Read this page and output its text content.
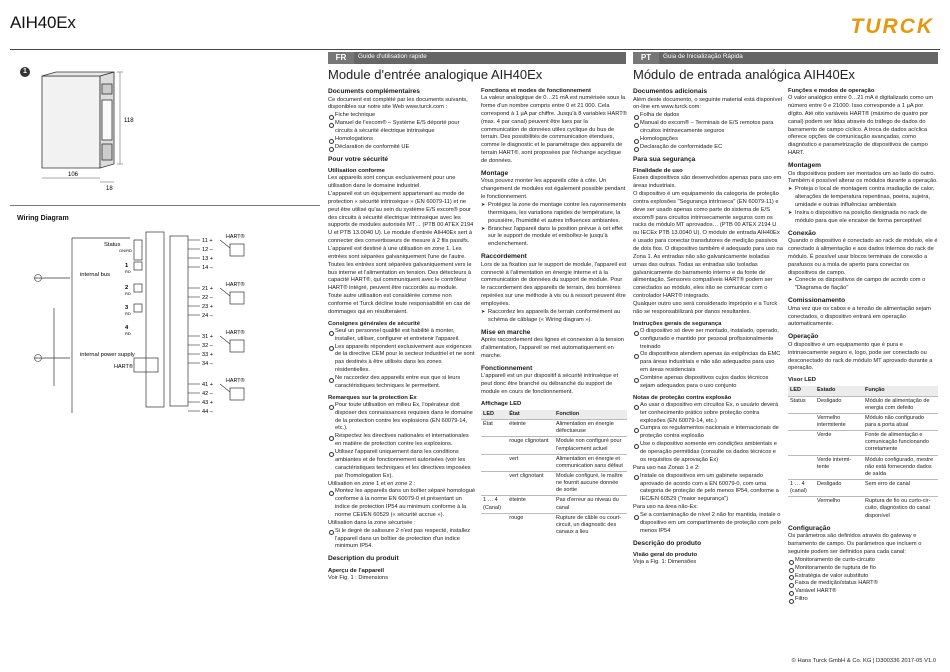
AIH40Ex	TURCK
1
118
106
18
Wiring Diagram
Status
GN/RD
1
RD
2
RD
3
RD
4
RD
internal bus
internal power supply
HART®
11 +
12 –
13 +
14 –
21 +
22 –
23 +
24 –
31 +
32 –
33 +
34 –
41 +
42 –
43 +
44 –
HART®
HART®
HART®
HART®
FR	Guide d'utilisation rapide
Module d'entrée analogique AIH40Ex
Documents complémentaires

Ce document est complété par les documents suivants, disponibles sur notre site Web www.turck.com :

Fiche technique

Manuel de l'excom® – Système E/S déporté pour circuits à sécurité électrique intrinsèque

Homologations

Déclaration de conformité UE

Pour votre sécurité
Utilisation conforme

Les appareils sont conçus exclusivement pour une utilisation dans le domaine industriel.

L'appareil est un équipement appartenant au mode de protection « sécurité intrinsèque » (EN 60079-11) et ne peut être utilisé qu'au sein du système E/S excom® pour des circuits à sécurité électrique intrinsèque avec les supports de modules autorisés MT… (PTB 00 ATEX 2194 U et PTB 13.0040 U). Le module d'entrée AIH40Ex sert à connecter des convertisseurs de mesure à 2 fils passifs. L'appareil est destiné à une utilisation en zone 1. Les entrées sont séparées galvaniquement l'une de l'autre. Toutes les entrées sont séparées galvaniquement vers le bus interne et l'alimentation en tension. Des détecteurs à capacité HART®, qui communiquent avec le contrôleur HART® intégré, peuvent être raccordés au module.

Toute autre utilisation est considérée comme non conforme et Turck décline toute responsabilité en cas de dommages qui en résulteraient.

Consignes générales de sécurité

Seul un personnel qualifié est habilité à monter, installer, utiliser, configurer et entretenir l'appareil.

Les appareils répondent exclusivement aux exigences de la directive CEM pour le secteur industriel et ne sont pas destinés à être utilisés dans les zones résidentielles.

Ne raccordez des appareils entre eux que si leurs caractéristiques techniques le permettent.

Remarques sur la protection Ex

Pour toute utilisation en milieu Ex, l'opérateur doit disposer des connaissances requises dans le domaine de la protection contre les explosions (EN 60079-14, etc.).

Respectez les directives nationales et internationales en matière de protection contre les explosions.

Utilisez l'appareil uniquement dans les conditions ambiantes et de fonctionnement autorisées (voir les caractéristiques techniques et les directives imposées par l'homologation Ex).

Utilisation en zone 1 et en zone 2 :

Montez les appareils dans un boîtier séparé homologué conforme à la norme EN 60079-0 et présentant un indice de protection IP54 au minimum conforme à la norme CEI/EN 60529 (« sécurité accrue »).

Utilisation dans la zone sécurisée :

Si le degré de salissure 2 n'est pas respecté, installez l'appareil dans un boîtier de protection d'un indice minimum IP54.

Description du produit
Aperçu de l'appareil

Voir Fig. 1 : Dimensions

Fonctions et modes de fonctionnement

La valeur analogique de 0…21 mA est numérisée sous la forme d'un nombre compris entre 0 et 21 000. Cela correspond à 1 µA par chiffre. Jusqu'à 8 variables HART® (max. 4 par canal) peuvent être lues par la communication de données utiles cyclique du bus de terrain. Des possibilités de communication étendues, comme le diagnostic et le paramétrage des appareils de terrain HART®, sont proposées par l'échange acyclique de données.

Montage

Vous pouvez monter les appareils côte à côte. Un changement de modules est également possible pendant le fonctionnement.

➤ Protégez la zone de montage contre les rayonnements thermiques, les variations rapides de température, la poussière, l'humidité et autres influences ambiantes.

➤ Branchez l'appareil dans la position prévue à cet effet sur le support de module et emboîtez-le jusqu'à enclenchement.

Raccordement

Lors de sa fixation sur le support de module, l'appareil est connecté à l'alimentation en énergie interne et à la communication de données du support de module. Pour le raccordement des appareils de terrain, des bornières repérées sur une méthode à vis ou à ressort peuvent être employées.

➤ Raccordez les appareils de terrain conformément au schéma de câblage (« Wiring diagram »).

Mise en marche

Après raccordement des lignes et connexion à la tension d'alimentation, l'appareil se met automatiquement en marche.

Fonctionnement

L'appareil est un pur dispositif à sécurité intrinsèque et peut donc être branché ou débranché du support de module en cours de fonctionnement.

Affichage LED
LED	État	Fonction
État	éteinte	Alimentation en énergie défectueuse
	rouge clignotant	Module non configuré pour l'emplacement actuel
	vert	Alimentation en énergie et communication sans défaut
	vert clignotant	Module configuré, le maître ne fournit aucune donnée de sortie
1 … 4 (Canal)	éteinte	Pas d'erreur au niveau du canal
	rouge	Rupture de câble ou court-circuit, un diagnostic des canaux a lieu
PT	Guia de Inicialização Rápida
Módulo de entrada analógica AIH40Ex
Documentos adicionais

Além deste documento, o seguinte material está disponível on-line em www.turck.com:

Folha de dados

Manual do excom® – Terminais de E/S remotos para circuitos intrinsecamente seguros

Homologações

Declaração de conformidade EC

Para sua segurança
Finalidade de uso

Esses dispositivos são desenvolvidos apenas para uso em áreas industriais.

O dispositivo é um equipamento da categoria de proteção contra explosões "Segurança intrínseca" (EN 60079-11) e deve ser usado apenas como parte do sistema de E/S excom® para circuitos intrinsecamente seguros com os racks de módulo MT aprovados… (PTB 00 ATEX 2194 U ou IECEx PTB 13.0040 U). O módulo de entrada AIH40Ex é usado para conectar transdutores de medição passivos de dois fios. O dispositivo também é adequado para uso na Zona 1. As entradas não são galvanicamente isoladas umas das outras. Todas as entradas são isoladas galvanicamente do barramento interno e da fonte de alimentação. Sensores compatíveis HART® podem ser conectados ao módulo, eles irão se comunicar com o controlador HART® integrado.

Qualquer outro uso será considerado impróprio e a Turck não se responsabilizará por danos resultantes.

Instruções gerais de segurança

O dispositivo só deve ser montado, instalado, operado, configurado e mantido por pessoal profissionalmente treinado

Os dispositivos atendem apenas às exigências da EMC para áreas industriais e não são adequados para uso em áreas residenciais

Combine apenas dispositivos cujos dados técnicos sejam adequados para o uso conjunto

Notas de proteção contra explosão

Ao usar o dispositivo em circuitos Ex, o usuário deverá ter conhecimento prático sobre proteção contra explosões (EN 60079-14, etc.)

Cumpra os regulamentos nacionais e internacionais de proteção contra explosão

Use o dispositivo somente em condições ambientais e de operação permitidas (consulte os dados técnicos e os requisitos de aprovação Ex)

Para uso nas Zonas 1 e 2:

Instale os dispositivos em um gabinete separado aprovado de acordo com a EN 60079-0, com uma categoria de proteção de pelo menos IP54, conforme a IEC/EN 60529 ("maior segurança")

Para uso na área não-Ex:

Se a contaminação de nível 2 não for mantida, instale o dispositivo em um compartimento de proteção com pelo menos IP54

Descrição do produto
Visão geral do produto

Veja a Fig. 1: Dimensões

Funções e modos de operação

O valor analógico entre 0…21 mA é digitalizado como um número entre 0 e 21000. Isso corresponde a 1 µA por dígito. Até oito variáveis HART® (máximo de quatro por canal) podem ser lidas através do tráfego de dados do barramento de campo cíclico. A troca de dados acíclica oferece opções de comunicação avançadas, como diagnóstico e parametrização de dispositivos de campo HART.

Montagem

Os dispositivos podem ser montados um ao lado do outro. Também é possível alterar os módulos durante a operação.

➤ Proteja o local de montagem contra irradiação de calor, alterações de temperatura repentinas, poeira, sujeira, umidade e outras influências ambientais

➤ Insira o dispositivo na posição designada no rack de módulo para que ele encaixe de forma perceptível

Conexão

Quando o dispositivo é conectado ao rack de módulo, ele é conectado à alimentação e aos dados internos do rack de módulo. É possível usar blocos terminais de conexão a parafusos ou a mola de aperto para conectar os dispositivos de campo.

➤ Conecte os dispositivos de campo de acordo com o "Diagrama de fiação"

Comissionamento

Uma vez que os cabos e a tensão de alimentação sejam conectados, o dispositivo entrará em operação automaticamente.

Operação

O dispositivo é um equipamento que é pura e intrinsecamente seguro e, logo, pode ser conectado ou desconectado do rack de módulo MT aprovado durante a operação.

Visor LED
LED	Estado	Função
Status	Desligado	Módulo de alimentação de energia com defeito
	Vermelho intermitente	Módulo não configurado para a porta atual
	Verde	Fonte de alimentação e comunicação funcionando corretamente
	Verde intermitente	Módulo configurado, mestre não está fornecendo dados de saída
1 … 4 (canal)	Desligado	Sem erro de canal
	Vermelho	Ruptura de fio ou curto-circuito, diagnóstico do canal disponível
Configuração

Os parâmetros são definidos através do gateway e barramento de campo. Os parâmetros que incluem o seguinte podem ser definidos para cada canal:

Monitoramento de curto-circuito

Monitoramento de ruptura de fio

Estratégia de valor substituto

Faixa de medição/status HART®

Variável HART®

Filtro

© Hans Turck GmbH & Co. KG | D300336 2017-05 V1.0
